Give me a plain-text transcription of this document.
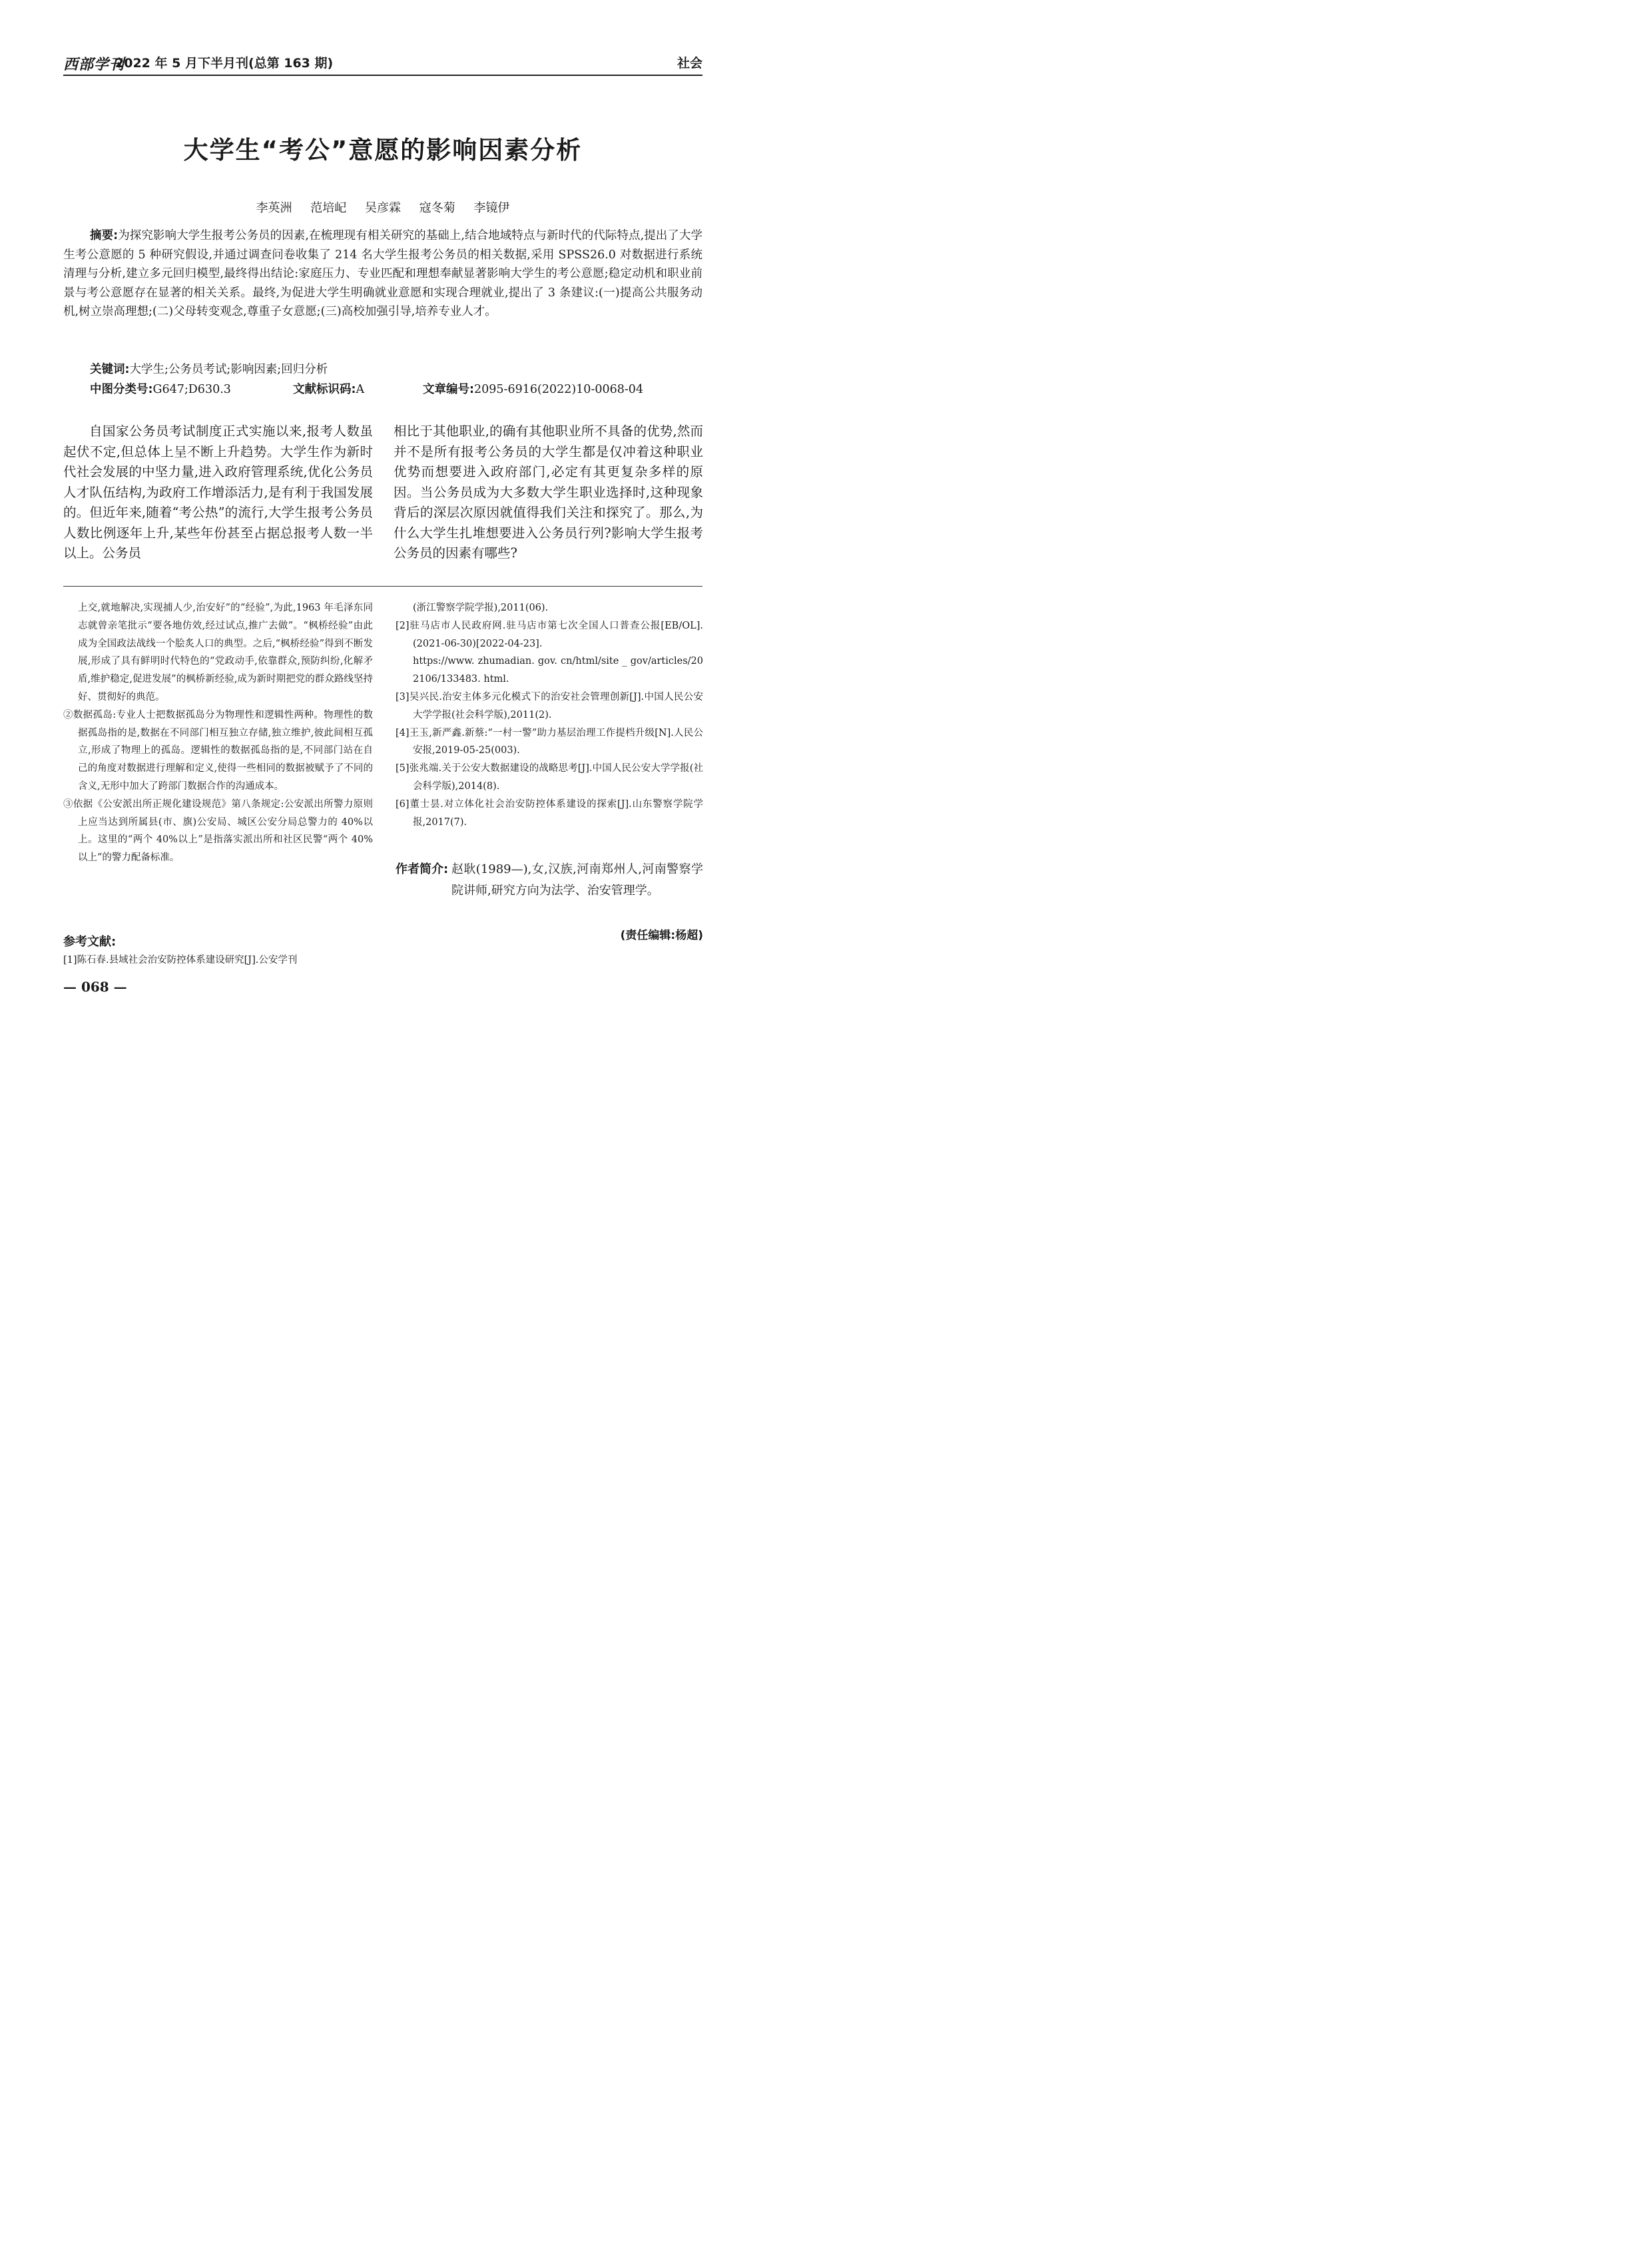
西部学刊
2022 年 5 月下半月刊(总第 163 期)	社会
大学生“考公”意愿的影响因素分析
李英洲 范培屺 吴彦霖 寇冬菊 李镜伊

摘要:为探究影响大学生报考公务员的因素,在梳理现有相关研究的基础上,结合地域特点与新时代的代际特点,提出了大学生考公意愿的 5 种研究假设,并通过调查问卷收集了 214 名大学生报考公务员的相关数据,采用 SPSS26.0 对数据进行系统清理与分析,建立多元回归模型,最终得出结论:家庭压力、专业匹配和理想奉献显著影响大学生的考公意愿;稳定动机和职业前景与考公意愿存在显著的相关关系。最终,为促进大学生明确就业意愿和实现合理就业,提出了 3 条建议:(一)提高公共服务动机,树立崇高理想;(二)父母转变观念,尊重子女意愿;(三)高校加强引导,培养专业人才。

关键词:大学生;公务员考试;影响因素;回归分析
中图分类号:G647;D630.3	文献标识码:A	文章编号:2095-6916(2022)10-0068-04
自国家公务员考试制度正式实施以来,报考人数虽起伏不定,但总体上呈不断上升趋势。大学生作为新时代社会发展的中坚力量,进入政府管理系统,优化公务员人才队伍结构,为政府工作增添活力,是有利于我国发展的。但近年来,随着“考公热”的流行,大学生报考公务员人数比例逐年上升,某些年份甚至占据总报考人数一半以上。公务员
相比于其他职业,的确有其他职业所不具备的优势,然而并不是所有报考公务员的大学生都是仅冲着这种职业优势而想要进入政府部门,必定有其更复杂多样的原因。当公务员成为大多数大学生职业选择时,这种现象背后的深层次原因就值得我们关注和探究了。那么,为什么大学生扎堆想要进入公务员行列?影响大学生报考公务员的因素有哪些?
上交,就地解决,实现捕人少,治安好”的“经验”,为此,1963 年毛泽东同志就曾亲笔批示“要各地仿效,经过试点,推广去做”。“枫桥经验”由此成为全国政法战线一个脍炙人口的典型。之后,“枫桥经验”得到不断发展,形成了具有鲜明时代特色的“党政动手,依靠群众,预防纠纷,化解矛盾,维护稳定,促进发展”的枫桥新经验,成为新时期把党的群众路线坚持好、贯彻好的典范。
②数据孤岛:专业人士把数据孤岛分为物理性和逻辑性两种。物理性的数据孤岛指的是,数据在不同部门相互独立存储,独立维护,彼此间相互孤立,形成了物理上的孤岛。逻辑性的数据孤岛指的是,不同部门站在自己的角度对数据进行理解和定义,使得一些相同的数据被赋予了不同的含义,无形中加大了跨部门数据合作的沟通成本。
③依据《公安派出所正规化建设规范》第八条规定:公安派出所警力原则上应当达到所属县(市、旗)公安局、城区公安分局总警力的 40%以上。这里的“两个 40%以上”是指落实派出所和社区民警“两个 40%以上”的警力配备标准。
参考文献:
[1]陈石春.县域社会治安防控体系建设研究[J].公安学刊
(浙江警察学院学报),2011(06).
[2]驻马店市人民政府网.驻马店市第七次全国人口普查公报[EB/OL].(2021-06-30)[2022-04-23].
https://www. zhumadian. gov. cn/html/site _ gov/articles/202106/133483. html.
[3]吴兴民.治安主体多元化模式下的治安社会管理创新[J].中国人民公安大学学报(社会科学版),2011(2).
[4]王玉,新严鑫.新蔡:“一村一警”助力基层治理工作提档升级[N].人民公安报,2019-05-25(003).
[5]张兆端.关于公安大数据建设的战略思考[J].中国人民公安大学学报(社会科学版),2014(8).
[6]董士昙.对立体化社会治安防控体系建设的探索[J].山东警察学院学报,2017(7).
作者简介: 赵耿(1989—),女,汉族,河南郑州人,河南警察学院讲师,研究方向为法学、治安管理学。
(责任编辑:杨超)
— 068 —
